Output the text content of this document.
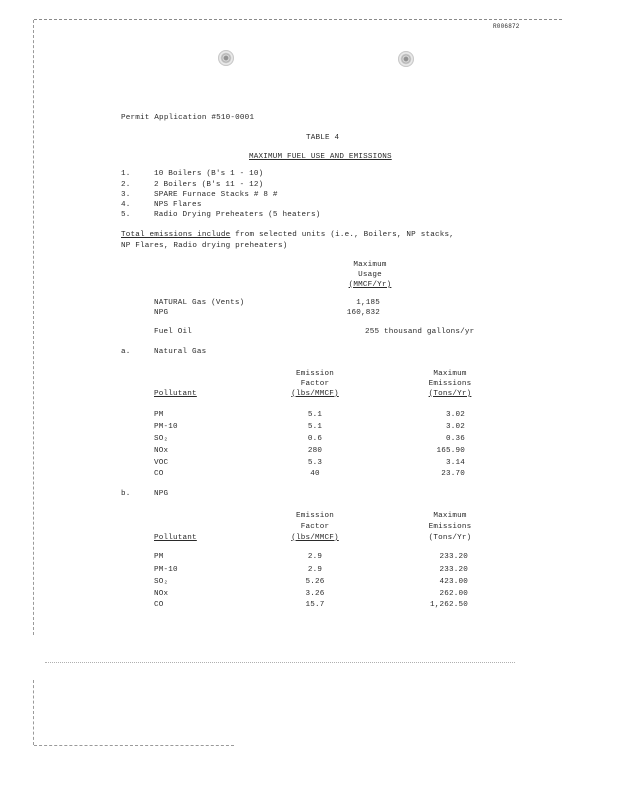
R006872
Permit Application #510-0001
TABLE 4
MAXIMUM FUEL USE AND EMISSIONS
1.	10 Boilers (B's 1 - 10)
2.	2 Boilers (B's 11 - 12)
3.	SPARE Furnace Stacks # 8 #
4.	NPS Flares
5.	Radio Drying Preheaters (5 heaters)
Total emissions include from selected units (i.e., Boilers, NP stacks,
NP Flares, Radio drying preheaters)
Maximum
Usage
(MMCF/Yr)
NATURAL Gas (Vents)	1,185
NPG	160,832
Fuel Oil	255 thousand gallons/yr
a.	Natural Gas
Emission
Factor
(lbs/MMCF)
Maximum
Emissions
(Tons/Yr)
Pollutant
PM	5.1	3.02
PM-10	5.1	3.02
SO₂	0.6	0.36
NOx	280	165.90
VOC	5.3	3.14
CO	40	23.70
b.	NPG
Emission
Factor
(lbs/MMCF)
Maximum
Emissions
(Tons/Yr)
Pollutant
PM	2.9	233.20
PM-10	2.9	233.20
SO₂	5.26	423.00
NOx	3.26	262.00
CO	15.7	1,262.50
